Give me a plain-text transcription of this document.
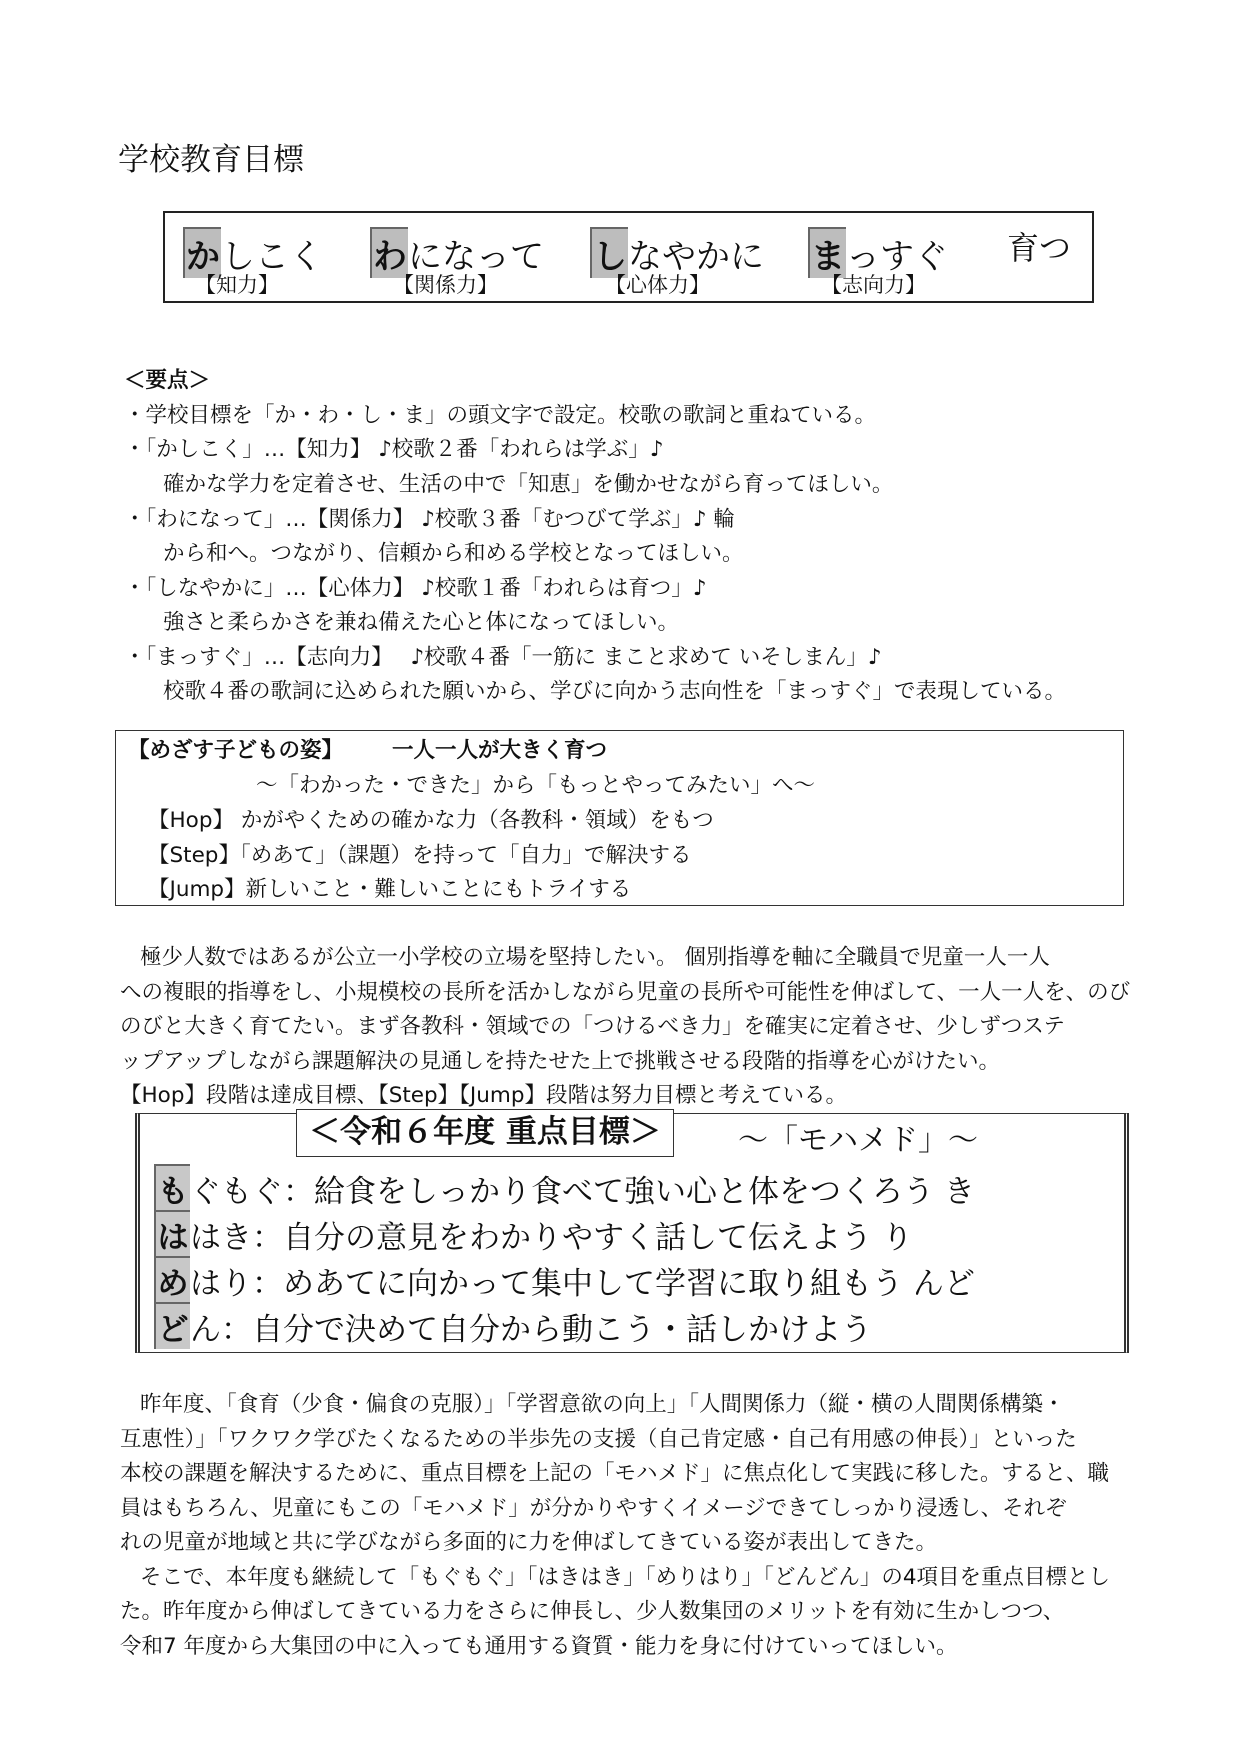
学校教育目標
かしこく
【知力】
わになって
【関係力】
しなやかに
【心体力】
まっすぐ
【志向力】
育つ
＜要点＞
・学校目標を「か・わ・し・ま」の頭文字で設定。校歌の歌詞と重ねている。
・「かしこく」…【知力】 ♪校歌２番「われらは学ぶ」♪
確かな学力を定着させ、生活の中で「知恵」を働かせながら育ってほしい。
・「わになって」…【関係力】 ♪校歌３番「むつびて学ぶ」♪ 輪
から和へ。つながり、信頼から和める学校となってほしい。
・「しなやかに」…【心体力】 ♪校歌１番「われらは育つ」♪
強さと柔らかさを兼ね備えた心と体になってほしい。
・「まっすぐ」…【志向力】　 ♪校歌４番「一筋に まこと求めて いそしまん」♪
校歌４番の歌詞に込められた願いから、学びに向かう志向性を「まっすぐ」で表現している。
【めざす子どもの姿】 一人一人が大きく育つ
～「わかった・できた」から「もっとやってみたい」へ～
【Hop】 かがやくための確かな力（各教科・領域）をもつ
【Step】「めあて」（課題）を持って「自力」で解決する
【Jump】新しいこと・難しいことにもトライする
極少人数ではあるが公立一小学校の立場を堅持したい。 個別指導を軸に全職員で児童一人一人
への複眼的指導をし、小規模校の長所を活かしながら児童の長所や可能性を伸ばして、一人一人を、のび
のびと大きく育てたい。まず各教科・領域での「つけるべき力」を確実に定着させ、少しずつステ
ップアップしながら課題解決の見通しを持たせた上で挑戦させる段階的指導を心がけたい。
【Hop】段階は達成目標、【Step】【Jump】段階は努力目標と考えている。
＜令和６年度 重点目標＞	～「モハメド」～
もぐもぐ：給食をしっかり食べて強い心と体をつくろう き
ははき：自分の意見をわかりやすく話して伝えよう り
めはり：めあてに向かって集中して学習に取り組もう んど
どん：自分で決めて自分から動こう・話しかけよう
昨年度、「食育（少食・偏食の克服）」「学習意欲の向上」「人間関係力（縦・横の人間関係構築・
互恵性）」「ワクワク学びたくなるための半歩先の支援（自己肯定感・自己有用感の伸長）」といった
本校の課題を解決するために、重点目標を上記の「モハメド」に焦点化して実践に移した。すると、職
員はもちろん、児童にもこの「モハメド」が分かりやすくイメージできてしっかり浸透し、それぞ
れの児童が地域と共に学びながら多面的に力を伸ばしてきている姿が表出してきた。
そこで、本年度も継続して「もぐもぐ」「はきはき」「めりはり」「どんどん」の4項目を重点目標とし
た。昨年度から伸ばしてきている力をさらに伸長し、少人数集団のメリットを有効に生かしつつ、
令和7 年度から大集団の中に入っても通用する資質・能力を身に付けていってほしい。
